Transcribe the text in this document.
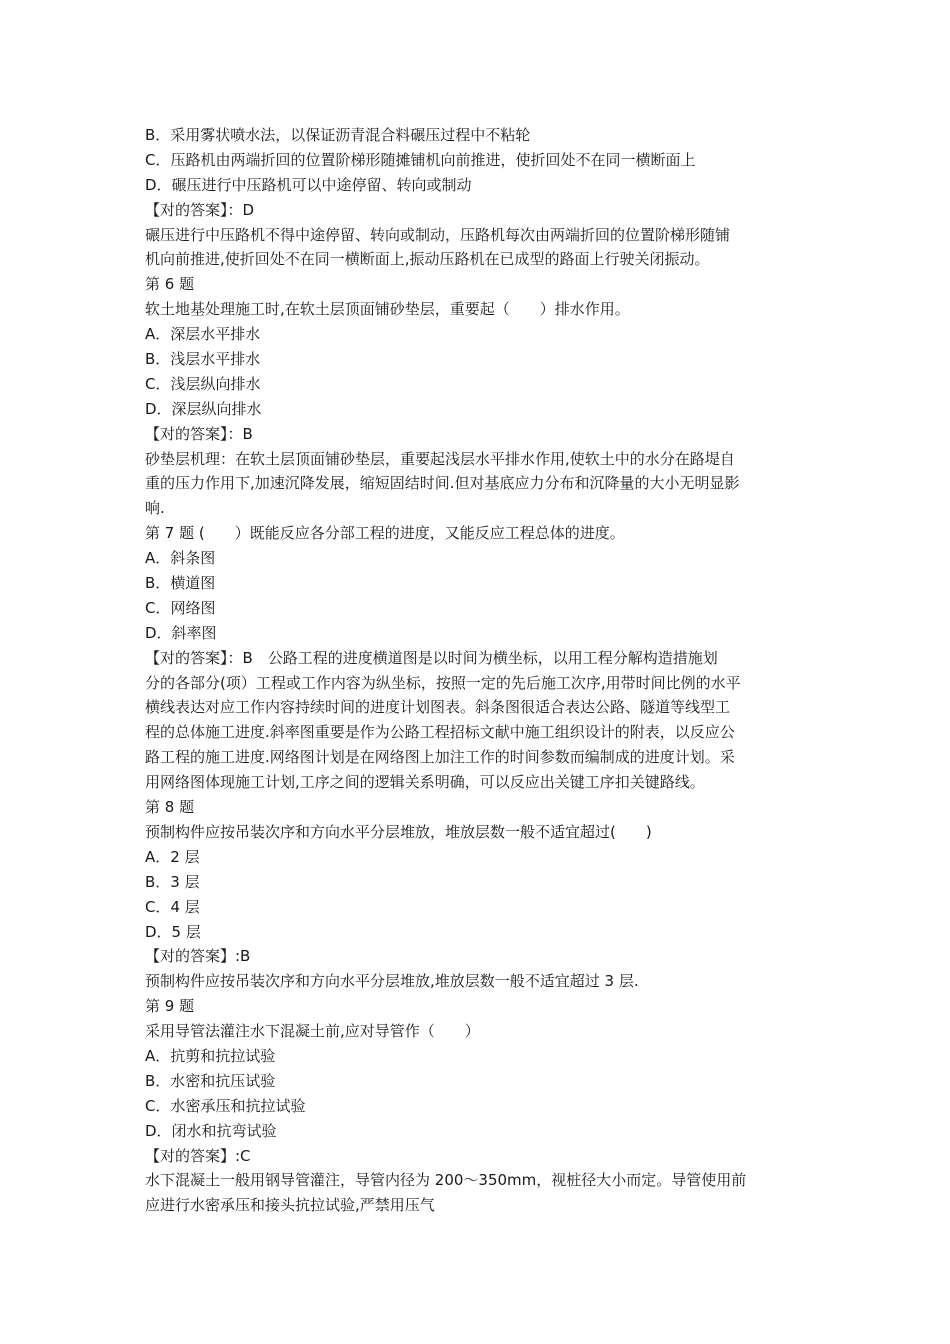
B．采用雾状喷水法，以保证沥青混合料碾压过程中不粘轮
C．压路机由两端折回的位置阶梯形随摊铺机向前推进，使折回处不在同一横断面上
D．碾压进行中压路机可以中途停留、转向或制动
【对的答案】：D
碾压进行中压路机不得中途停留、转向或制动，压路机每次由两端折回的位置阶梯形随铺
机向前推进,使折回处不在同一横断面上,振动压路机在已成型的路面上行驶关闭振动。
第 6 题
软土地基处理施工时,在软土层顶面铺砂垫层，重要起（　　）排水作用。
A．深层水平排水
B．浅层水平排水
C．浅层纵向排水
D．深层纵向排水
【对的答案】：B
砂垫层机理：在软土层顶面铺砂垫层，重要起浅层水平排水作用,使软土中的水分在路堤自
重的压力作用下,加速沉降发展，缩短固结时间.但对基底应力分布和沉降量的大小无明显影
响.
第 7 题 (　　）既能反应各分部工程的进度，又能反应工程总体的进度。
A．斜条图
B．横道图
C．网络图
D．斜率图
【对的答案】：B　公路工程的进度横道图是以时间为横坐标，以用工程分解构造措施划
分的各部分(项）工程或工作内容为纵坐标，按照一定的先后施工次序,用带时间比例的水平
横线表达对应工作内容持续时间的进度计划图表。斜条图很适合表达公路、隧道等线型工
程的总体施工进度.斜率图重要是作为公路工程招标文献中施工组织设计的附表，以反应公
路工程的施工进度.网络图计划是在网络图上加注工作的时间参数而编制成的进度计划。采
用网络图体现施工计划,工序之间的逻辑关系明确，可以反应出关键工序扣关键路线。
第 8 题
预制构件应按吊装次序和方向水平分层堆放，堆放层数一般不适宜超过(　　)
A．2 层
B．3 层
C．4 层
D．5 层
【对的答案】:B
预制构件应按吊装次序和方向水平分层堆放,堆放层数一般不适宜超过 3 层.
第 9 题
采用导管法灌注水下混凝土前,应对导管作（　　）
A．抗剪和抗拉试验
B．水密和抗压试验
C．水密承压和抗拉试验
D．闭水和抗弯试验
【对的答案】:C
水下混凝土一般用钢导管灌注，导管内径为 200～350mm，视桩径大小而定。导管使用前
应进行水密承压和接头抗拉试验,严禁用压气
